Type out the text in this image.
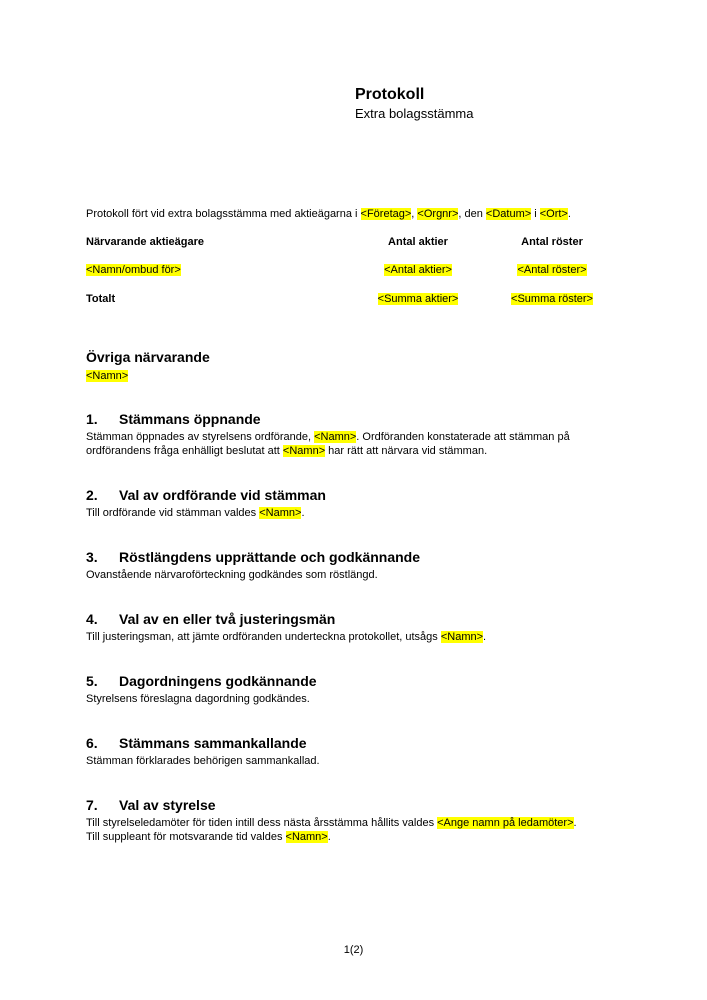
Protokoll
Extra bolagsstämma
Protokoll fört vid extra bolagsstämma med aktieägarna i <Företag>, <Orgnr>, den <Datum> i <Ort>.
Närvarande aktieägare	Antal aktier	Antal röster
<Namn/ombud för>	<Antal aktier>	<Antal röster>
Totalt	<Summa aktier>	<Summa röster>
Övriga närvarande
<Namn>
1. Stämmans öppnande
Stämman öppnades av styrelsens ordförande, <Namn>. Ordföranden konstaterade att stämman på
ordförandens fråga enhälligt beslutat att <Namn> har rätt att närvara vid stämman.
2. Val av ordförande vid stämman
Till ordförande vid stämman valdes <Namn>.
3. Röstlängdens upprättande och godkännande
Ovanstående närvaroförteckning godkändes som röstlängd.
4. Val av en eller två justeringsmän
Till justeringsman, att jämte ordföranden underteckna protokollet, utsågs <Namn>.
5. Dagordningens godkännande
Styrelsens föreslagna dagordning godkändes.
6. Stämmans sammankallande
Stämman förklarades behörigen sammankallad.
7. Val av styrelse
Till styrelseledamöter för tiden intill dess nästa årsstämma hållits valdes <Ange namn på ledamöter>.
Till suppleant för motsvarande tid valdes <Namn>.
1(2)
